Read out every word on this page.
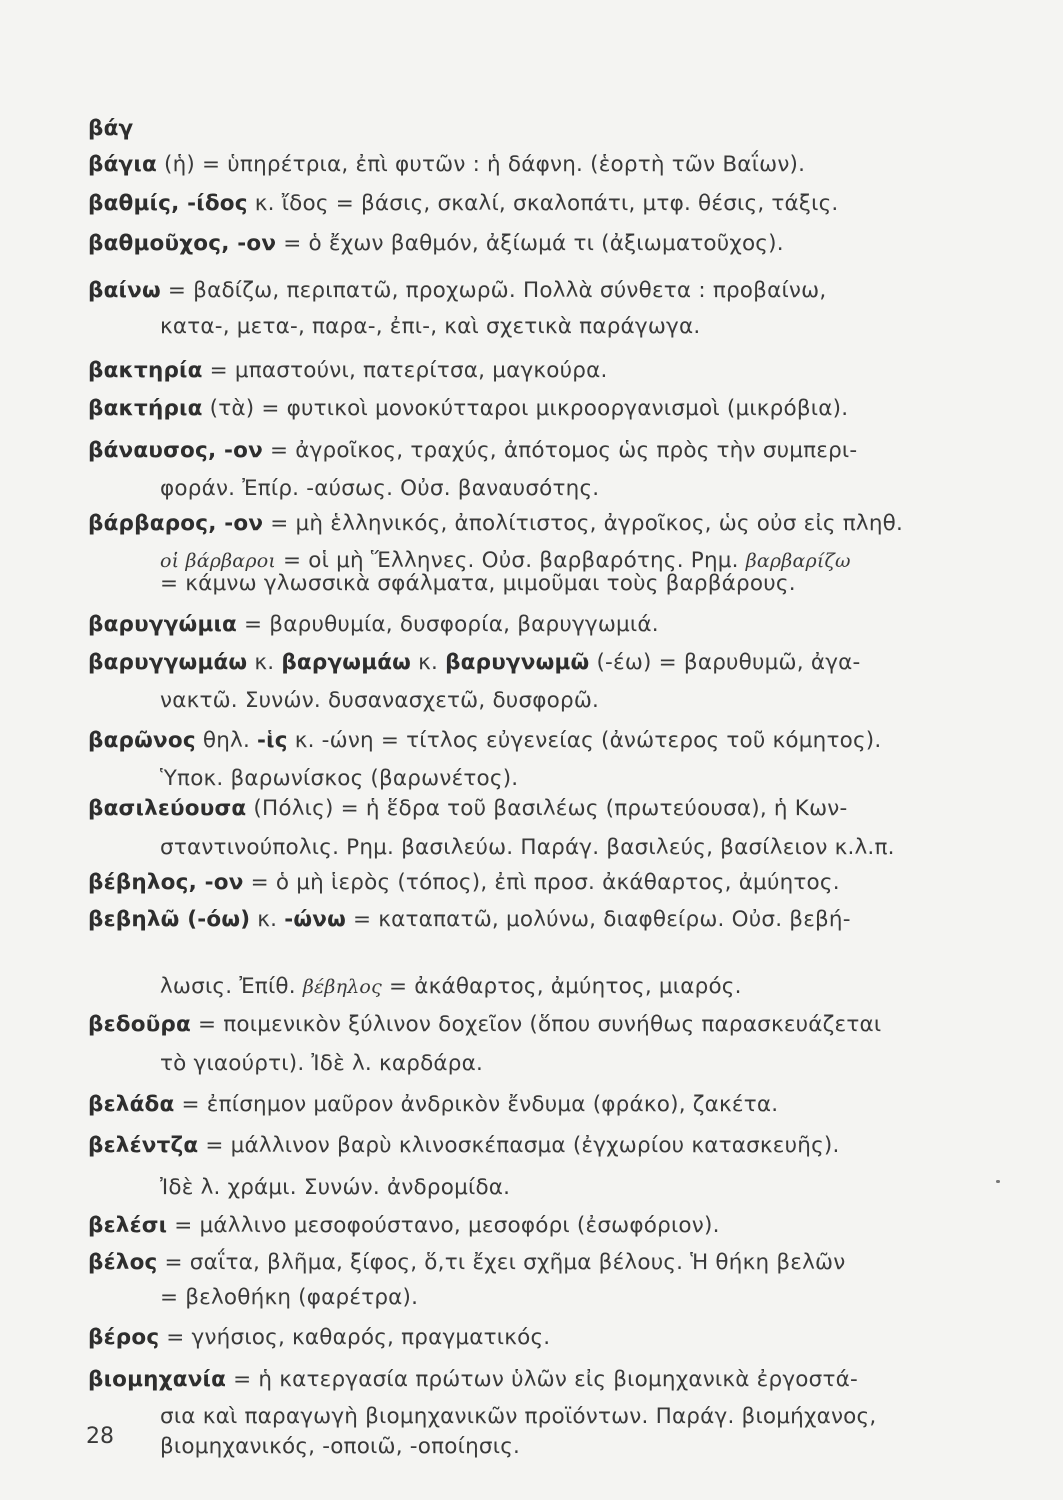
βάγ
βάγια (ἡ) = ὑπηρέτρια, ἐπὶ φυτῶν : ἡ δάφνη. (ἑορτὴ τῶν Βαΐων).
βαθμίς, -ίδος κ. ἴδος = βάσις, σκαλί, σκαλοπάτι, μτφ. θέσις, τάξις.
βαθμοῦχος, -ον = ὁ ἔχων βαθμόν, ἀξίωμά τι (ἀξιωματοῦχος).
βαίνω = βαδίζω, περιπατῶ, προχωρῶ. Πολλὰ σύνθετα : προβαίνω,
κατα-, μετα-, παρα-, ἐπι-, καὶ σχετικὰ παράγωγα.
βακτηρία = μπαστούνι, πατερίτσα, μαγκούρα.
βακτήρια (τὰ) = φυτικοὶ μονοκύτταροι μικροοργανισμοὶ (μικρόβια).
βάναυσος, -ον = ἀγροῖκος, τραχύς, ἀπότομος ὡς πρὸς τὴν συμπερι-
φοράν. Ἐπίρ. -αύσως. Οὐσ. βαναυσότης.
βάρβαρος, -ον = μὴ ἑλληνικός, ἀπολίτιστος, ἀγροῖκος, ὡς οὐσ εἰς πληθ.
οἱ βάρβαροι = οἱ μὴ Ἕλληνες. Οὐσ. βαρβαρότης. Ρημ. βαρβαρίζω
= κάμνω γλωσσικὰ σφάλματα, μιμοῦμαι τοὺς βαρβάρους.
βαρυγγώμια = βαρυθυμία, δυσφορία, βαρυγγωμιά.
βαρυγγωμάω κ. βαργωμάω κ. βαρυγνωμῶ (-έω) = βαρυθυμῶ, ἀγα-
νακτῶ. Συνών. δυσανασχετῶ, δυσφορῶ.
βαρῶνος θηλ. -ἱς κ. -ώνη = τίτλος εὐγενείας (ἀνώτερος τοῦ κόμητος).
Ὑποκ. βαρωνίσκος (βαρωνέτος).
βασιλεύουσα (Πόλις) = ἡ ἕδρα τοῦ βασιλέως (πρωτεύουσα), ἡ Κων-
σταντινούπολις. Ρημ. βασιλεύω. Παράγ. βασιλεύς, βασίλειον κ.λ.π.
βέβηλος, -ον = ὁ μὴ ἱερὸς (τόπος), ἐπὶ προσ. ἀκάθαρτος, ἀμύητος.
βεβηλῶ (-όω) κ. -ώνω = καταπατῶ, μολύνω, διαφθείρω. Οὐσ. βεβή-
λωσις. Ἐπίθ. βέβηλος = ἀκάθαρτος, ἀμύητος, μιαρός.
βεδοῦρα = ποιμενικὸν ξύλινον δοχεῖον (ὅπου συνήθως παρασκευάζεται
τὸ γιαούρτι). Ἰδὲ λ. καρδάρα.
βελάδα = ἐπίσημον μαῦρον ἀνδρικὸν ἔνδυμα (φράκο), ζακέτα.
βελέντζα = μάλλινον βαρὺ κλινοσκέπασμα (ἐγχωρίου κατασκευῆς).
Ἰδὲ λ. χράμι. Συνών. ἀνδρομίδα.
βελέσι = μάλλινο μεσοφούστανο, μεσοφόρι (ἐσωφόριον).
βέλος = σαΐτα, βλῆμα, ξίφος, ὅ,τι ἔχει σχῆμα βέλους. Ἡ θήκη βελῶν
= βελοθήκη (φαρέτρα).
βέρος = γνήσιος, καθαρός, πραγματικός.
βιομηχανία = ἡ κατεργασία πρώτων ὑλῶν εἰς βιομηχανικὰ ἐργοστά-
σια καὶ παραγωγὴ βιομηχανικῶν προϊόντων. Παράγ. βιομήχανος,
βιομηχανικός, -οποιῶ, -οποίησις.
28
